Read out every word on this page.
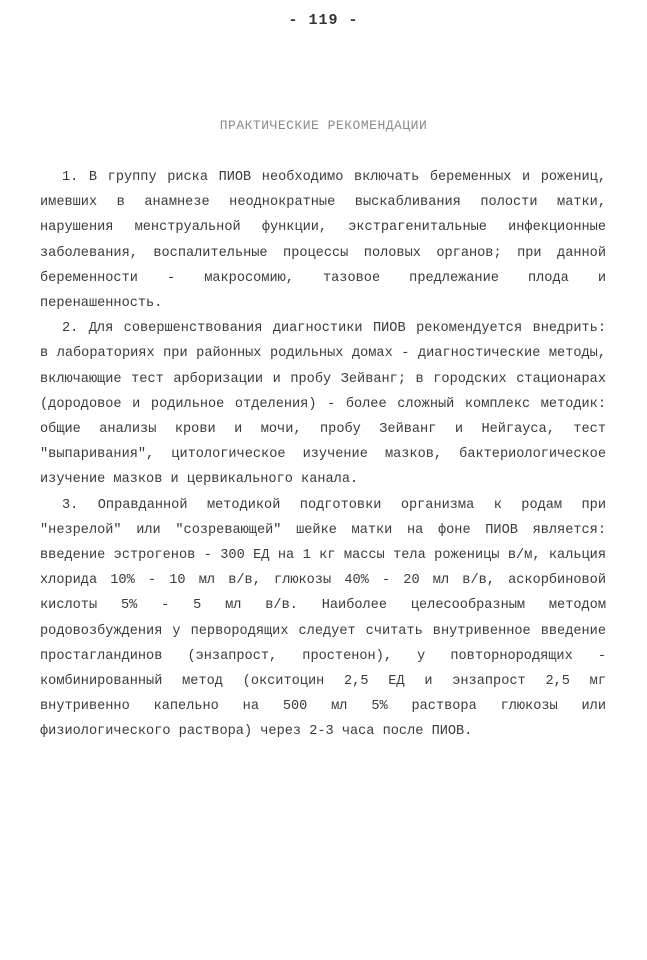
- 119 -
ПРАКТИЧЕСКИЕ РЕКОМЕНДАЦИИ

1. В группу риска ПИОВ необходимо включать беременных и рожениц, имевших в анамнезе неоднократные выскабливания полости матки, нарушения менструальной функции, экстрагенитальные инфекционные заболевания, воспалительные процессы половых органов; при данной беременности - макросомию, тазовое предлежание плода и перенашенность.

2. Для совершенствования диагностики ПИОВ рекомендуется внедрить: в лабораториях при районных родильных домах - диагностические методы, включающие тест арборизации и пробу Зейванг; в городских стационарах (дородовое и родильное отделения) - более сложный комплекс методик: общие анализы крови и мочи, пробу Зейванг и Нейгауса, тест "выпаривания", цитологическое изучение мазков, бактериологическое изучение мазков и цервикального канала.

3. Оправданной методикой подготовки организма к родам при "незрелой" или "созревающей" шейке матки на фоне ПИОВ является: введение эстрогенов - 300 ЕД на 1 кг массы тела роженицы в/м, кальция хлорида 10% - 10 мл в/в, глюкозы 40% - 20 мл в/в, аскорбиновой кислоты 5% - 5 мл в/в. Наиболее целесообразным методом родовозбуждения у первородящих следует считать внутривенное введение простагландинов (энзапрост, простенон), у повторнородящих - комбинированный метод (окситоцин 2,5 ЕД и энзапрост 2,5 мг внутривенно капельно на 500 мл 5% раствора глюкозы или физиологического раствора) через 2-3 часа после ПИОВ.
